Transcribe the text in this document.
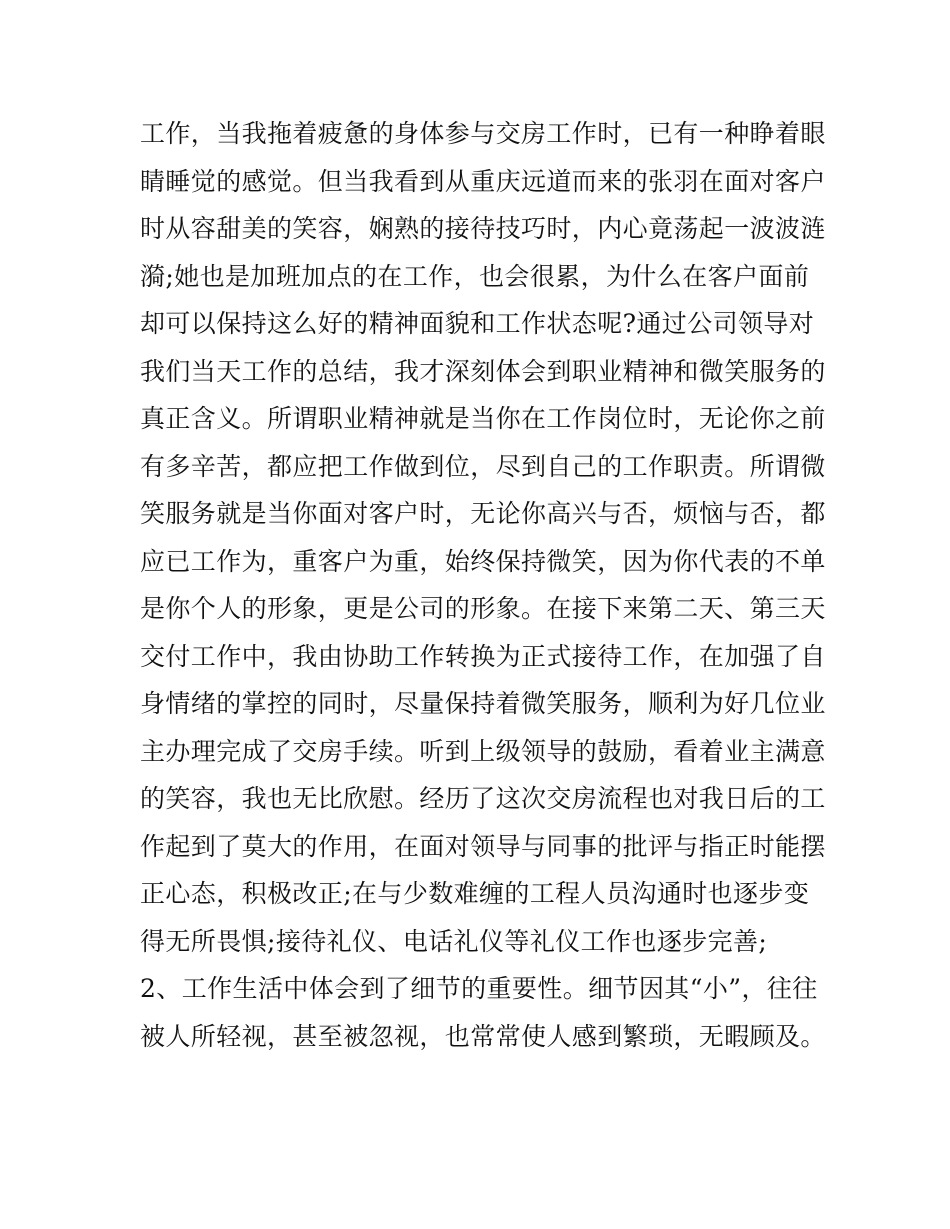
工作，当我拖着疲惫的身体参与交房工作时，已有一种睁着眼
睛睡觉的感觉。但当我看到从重庆远道而来的张羽在面对客户
时从容甜美的笑容，娴熟的接待技巧时，内心竟荡起一波波涟
漪;她也是加班加点的在工作，也会很累，为什么在客户面前
却可以保持这么好的精神面貌和工作状态呢?通过公司领导对
我们当天工作的总结，我才深刻体会到职业精神和微笑服务的
真正含义。所谓职业精神就是当你在工作岗位时，无论你之前
有多辛苦，都应把工作做到位，尽到自己的工作职责。所谓微
笑服务就是当你面对客户时，无论你高兴与否，烦恼与否，都
应已工作为，重客户为重，始终保持微笑，因为你代表的不单
是你个人的形象，更是公司的形象。在接下来第二天、第三天
交付工作中，我由协助工作转换为正式接待工作，在加强了自
身情绪的掌控的同时，尽量保持着微笑服务，顺利为好几位业
主办理完成了交房手续。听到上级领导的鼓励，看着业主满意
的笑容，我也无比欣慰。经历了这次交房流程也对我日后的工
作起到了莫大的作用，在面对领导与同事的批评与指正时能摆
正心态，积极改正;在与少数难缠的工程人员沟通时也逐步变
得无所畏惧;接待礼仪、电话礼仪等礼仪工作也逐步完善;
2、工作生活中体会到了细节的重要性。细节因其“小”，往往
被人所轻视，甚至被忽视，也常常使人感到繁琐，无暇顾及。
